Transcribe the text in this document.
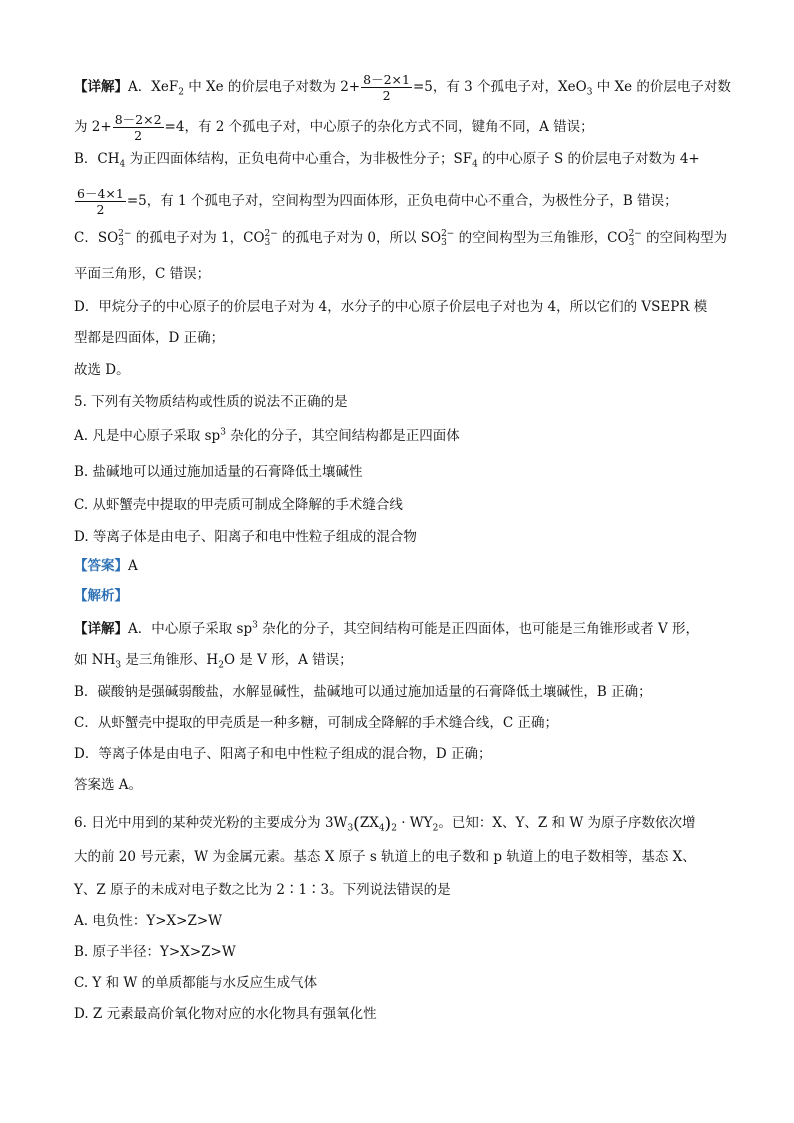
【详解】A．XeF$_2$ 中 Xe 的价层电子对数为 $2+ \frac{8-2\times 1}{2} =5$，有 3 个孤电子对，XeO$_3$ 中 Xe 的价层电子对数
为 $2+ \frac{8-2\times 2}{2} =4$，有 2 个孤电子对，中心原子的杂化方式不同，键角不同，A 错误；
B．$CH_4$ 为正四面体结构，正负电荷中心重合，为非极性分子；$SF_4$ 的中心原子 S 的价层电子对数为 4+
$\frac{6-4\times 1}{2} =5$，有 1 个孤电子对，空间构型为四面体形，正负电荷中心不重合，为极性分子，B 错误；
C．SO 2−
3 的孤电子对为 1，CO 2−
3 的孤电子对为 0，所以 SO 2−
3 的空间构型为三角锥形，CO 2−
3 的空间构型为
平面三角形，C 错误；
D．甲烷分子的中心原子的价层电子对为 4，水分子的中心原子价层电子对也为 4，所以它们的 VSEPR 模
型都是四面体，D 正确；
故选 D。
5. 下列有关物质结构或性质的说法不正确的是
A. 凡是中心原子采取 $sp^3$ 杂化的分子，其空间结构都是正四面体
B. 盐碱地可以通过施加适量的石膏降低土壤碱性
C. 从虾蟹壳中提取的甲壳质可制成全降解的手术缝合线
D. 等离子体是由电子、阳离子和电中性粒子组成的混合物
【答案】A
【解析】
【详解】A．中心原子采取 $sp^3$ 杂化的分子，其空间结构可能是正四面体，也可能是三角锥形或者 V 形，
如 $NH_3$ 是三角锥形、$H_2O$ 是 V 形，A 错误；
B．碳酸钠是强碱弱酸盐，水解显碱性，盐碱地可以通过施加适量的石膏降低土壤碱性，B 正确；
C．从虾蟹壳中提取的甲壳质是一种多糖，可制成全降解的手术缝合线，C 正确；
D．等离子体是由电子、阳离子和电中性粒子组成的混合物，D 正确；
答案选 A。
6. 日光中用到的某种荧光粉的主要成分为 $3W_3(ZX_4)_2 \cdot WY_2$。已知：X、Y、Z 和 W 为原子序数依次增
大的前 20 号元素，W 为金属元素。基态 X 原子 s 轨道上的电子数和 p 轨道上的电子数相等，基态 X、
Y、Z 原子的未成对电子数之比为 2∶1∶3。下列说法错误的是
A. 电负性：Y>X>Z>W
B. 原子半径：Y>X>Z>W
C. Y 和 W 的单质都能与水反应生成气体
D. Z 元素最高价氧化物对应的水化物具有强氧化性
